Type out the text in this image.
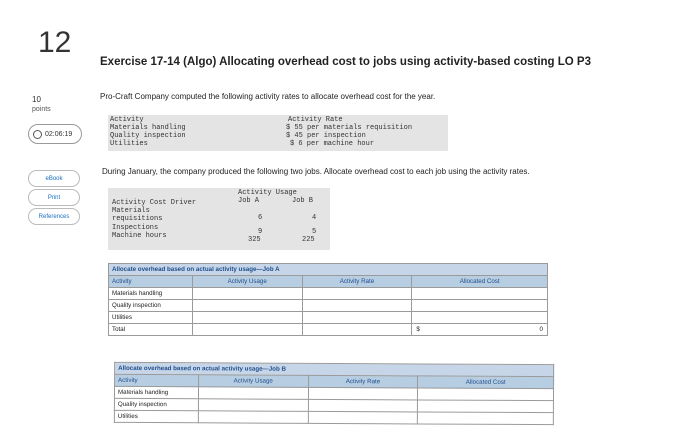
12
10
points
02:06:19
eBook
Print
References
Exercise 17-14 (Algo) Allocating overhead cost to jobs using activity-based costing LO P3
Pro-Craft Company computed the following activity rates to allocate overhead cost for the year.
Activity	Activity Rate
Materials handling	$ 55 per materials requisition
Quality inspection	$ 45 per inspection
Utilities	$ 6 per machine hour
During January, the company produced the following two jobs. Allocate overhead cost to each job using the activity rates.
Activity Usage
Activity Cost Driver	Job A	Job B
Materials requisitions	6	4
Inspections	9	5
Machine hours	325	225
Allocate overhead based on actual activity usage—Job A			
Activity	Activity Usage	Activity Rate	Allocated Cost
Materials handling			
Quality inspection			
Utilities			
Total			$ 0
Allocate overhead based on actual activity usage—Job B			
Activity	Activity Usage	Activity Rate	Allocated Cost
Materials handling			
Quality inspection			
Utilities			
